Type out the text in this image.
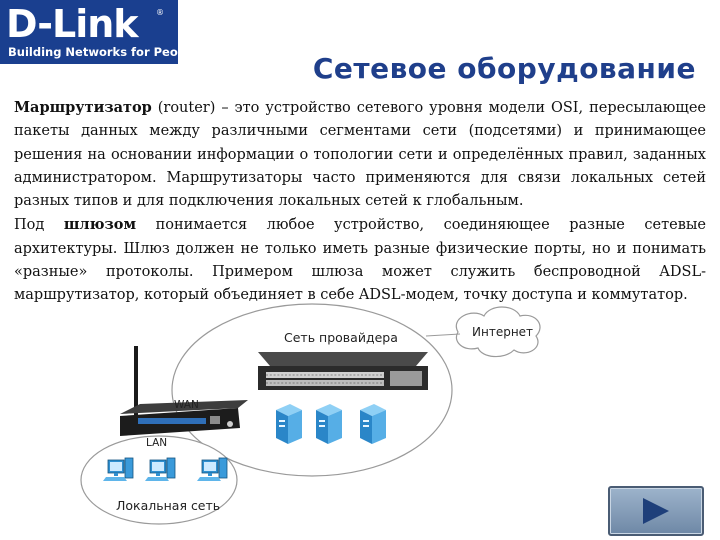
D-Link ®
Building Networks for People	Сетевое оборудование

Маршрутизатор (router) – это устройство сетевого уровня модели OSI, пересылающее пакеты данных между различными сегментами сети (подсетями) и принимающее решения на основании информации о топологии сети и определённых правил, заданных администратором. Маршрутизаторы часто применяются для связи локальных сетей разных типов и для подключения локальных сетей к глобальным.

Под шлюзом понимается любое устройство, соединяющее разные сетевые архитектуры. Шлюз должен не только иметь разные физические порты, но и понимать «разные» протоколы. Примером шлюза может служить беспроводной ADSL-маршрутизатор, который объединяет в себе ADSL-модем, точку доступа и коммутатор.

Сеть провайдера	Интернет
Локальная сеть
WAN
LAN
